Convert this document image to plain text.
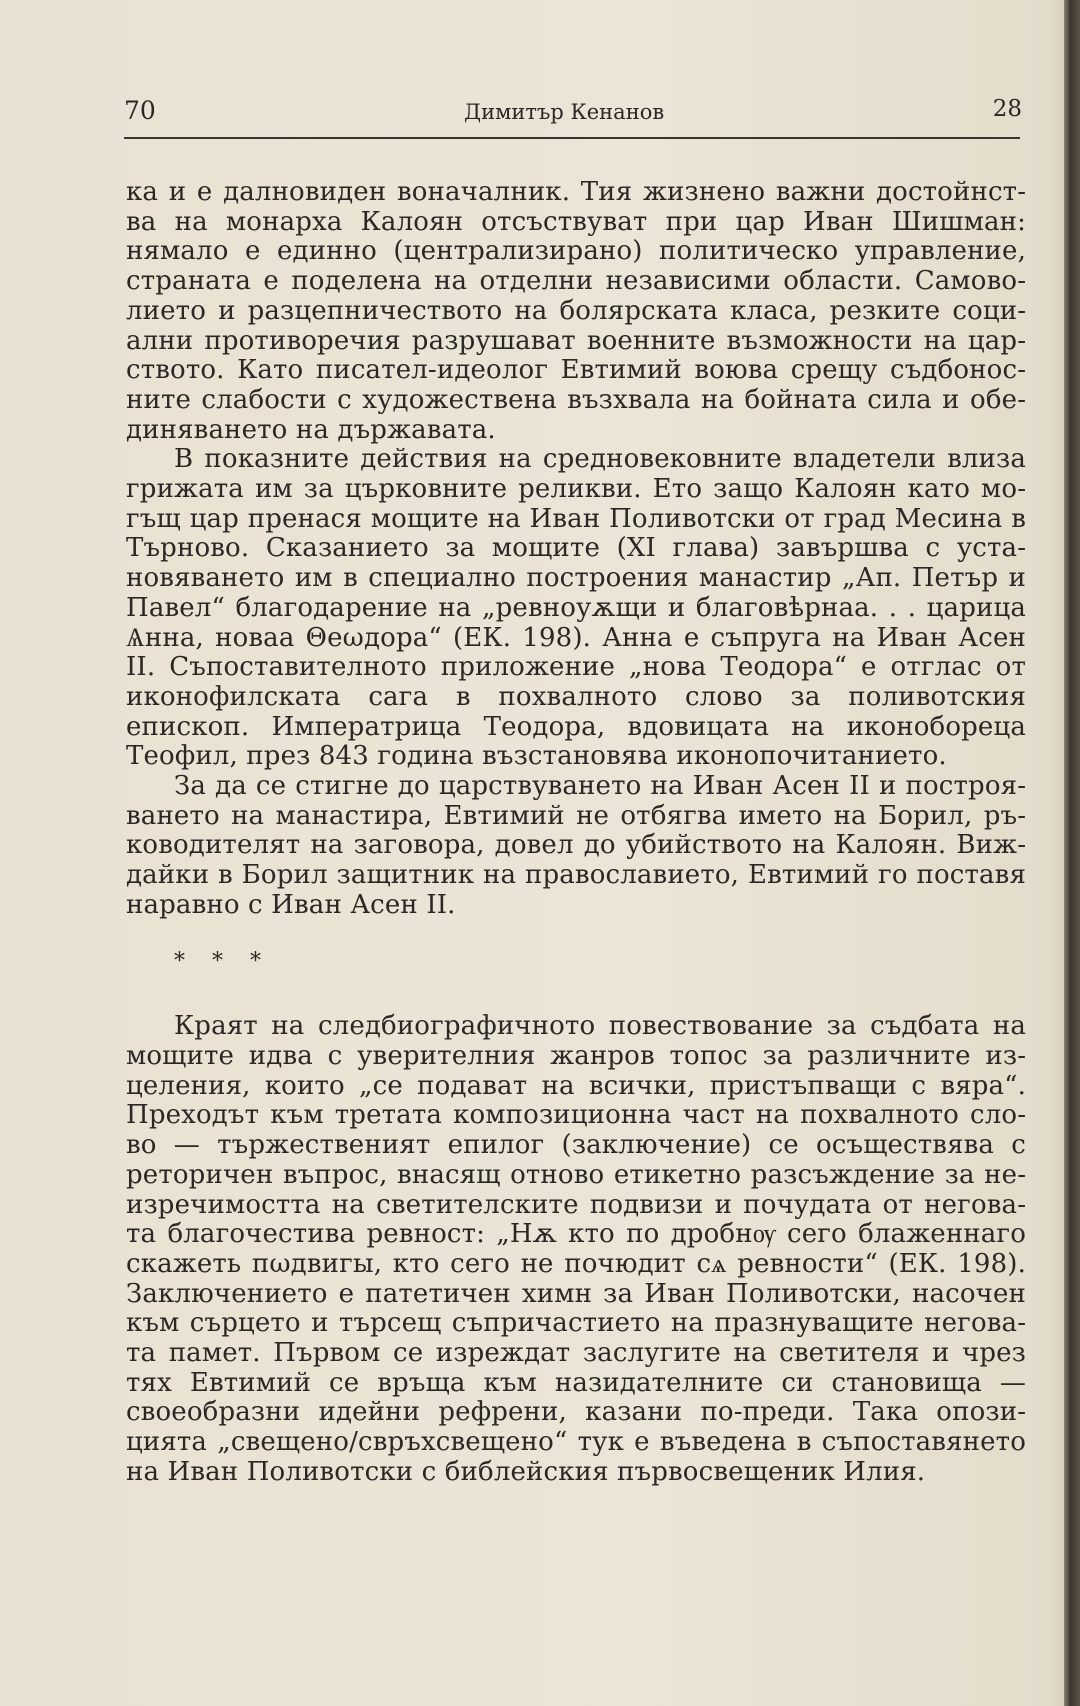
70	Димитър Кенанов	28

ка и е далновиден воначалник. Тия жизнено важни достойнства на монарха Калоян отсъствуват при цар Иван Шишман: нямало е единно (централизирано) политическо управление, страната е поделена на отделни независими области. Самоволието и разцепничеството на болярската класа, резките социални противоречия разрушават военните възможности на царството. Като писател-идеолог Евтимий воюва срещу съдбоносните слабости с художествена възхвала на бойната сила и обединяването на държавата.

В показните действия на средновековните владетели влиза грижата им за църковните реликви. Ето защо Калоян като могъщ цар пренася мощите на Иван Поливотски от град Месина в Търново. Сказанието за мощите (XI глава) завършва с установяването им в специално построения манастир „Ап. Петър и Павел“ благодарение на „ревноуѫщи и благовѣрнаа. . . царица Ѧнна, новаа Θеωдора“ (ЕК. 198). Анна е съпруга на Иван Асен II. Съпоставителното приложение „нова Теодора“ е отглас от иконофилската сага в похвалното слово за поливотския епископ. Императрица Теодора, вдовицата на иконобореца Теофил, през 843 година възстановява иконопочитанието.

За да се стигне до царствуването на Иван Асен II и построяването на манастира, Евтимий не отбягва името на Борил, ръководителят на заговора, довел до убийството на Калоян. Виждайки в Борил защитник на православието, Евтимий го поставя наравно с Иван Асен II.

* * *

Краят на следбиографичното повествование за съдбата на мощите идва с уверителния жанров топос за различните изцеления, които „се подават на всички, пристъпващи с вяра“. Преходът към третата композиционна част на похвалното слово — тържественият епилог (заключение) се осъществява с реторичен въпрос, внасящ отново етикетно разсъждение за неизречимостта на светителските подвизи и почудата от неговата благочестива ревност: „Нѫ кто по дробнѹ сего блаженнаго скажеть пωдвигы, кто сего не почюдит сѧ ревности“ (ЕК. 198). Заключението е патетичен химн за Иван Поливотски, насочен към сърцето и търсещ съпричастието на празнуващите неговата памет. Първом се изреждат заслугите на светителя и чрез тях Евтимий се връща към назидателните си становища — своеобразни идейни рефрени, казани по-преди. Така опозицията „свещено/свръхсвещено“ тук е въведена в съпоставянето на Иван Поливотски с библейския първосвещеник Илия.
